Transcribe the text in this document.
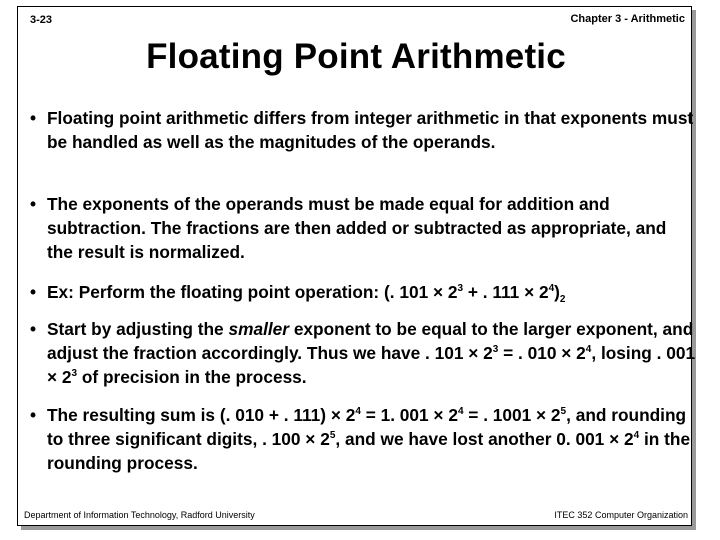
3-23	Chapter 3 - Arithmetic
Floating Point Arithmetic
• Floating point arithmetic differs from integer arithmetic in that exponents must be handled as well as the magnitudes of the operands.
• The exponents of the operands must be made equal for addition and subtraction. The fractions are then added or subtracted as appropriate, and the result is normalized.
• Ex: Perform the floating point operation: (. $101 \times 2^3$ + . $111 \times 2^4)_2$
• Start by adjusting the smaller exponent to be equal to the larger exponent, and adjust the fraction accordingly. Thus we have . $101 \times 2^3$ = . $010 \times 2^4$, losing . $001 \times 2^3$ of precision in the process.
• The resulting sum is (. 010 + . $111) \times 2^4 = 1$. $001 \times 2^4$ = . $1001 \times 2^5$, and rounding to three significant digits, . $100 \times 2^5$, and we have lost another 0. $001 \times 2^4$ in the rounding process.
Department of Information Technology, Radford University	ITEC 352 Computer Organization
